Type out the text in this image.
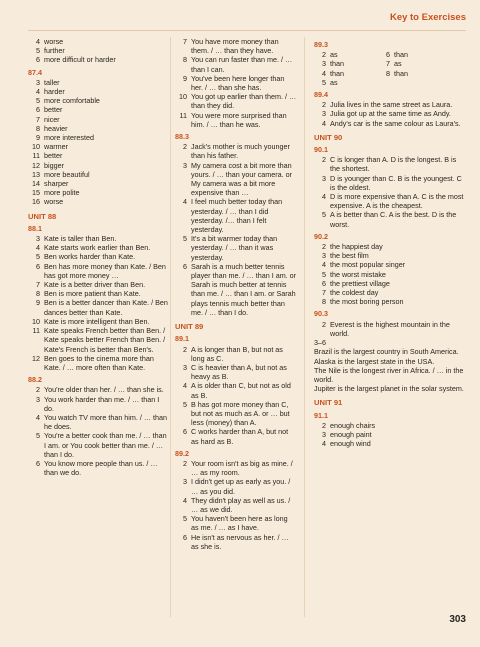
Key to Exercises
4 worse
5 further
6 more difficult or harder
87.4
3 taller
4 harder
5 more comfortable
6 better
7 nicer
8 heavier
9 more interested
10 warmer
11 better
12 bigger
13 more beautiful
14 sharper
15 more polite
16 worse
UNIT 88
88.1
3 Kate is taller than Ben.
4 Kate starts work earlier than Ben.
5 Ben works harder than Kate.
6 Ben has more money than Kate. / Ben has got more money …
7 Kate is a better driver than Ben.
8 Ben is more patient than Kate.
9 Ben is a better dancer than Kate. / Ben dances better than Kate.
10 Kate is more intelligent than Ben.
11 Kate speaks French better than Ben. / Kate speaks better French than Ben. / Kate's French is better than Ben's.
12 Ben goes to the cinema more than Kate. / … more often than Kate.
88.2
2 You're older than her. / … than she is.
3 You work harder than me. / … than I do.
4 You watch TV more than him. / … than he does.
5 You're a better cook than me. / … than I am. or You cook better than me. / … than I do.
6 You know more people than us. / … than we do.
7 You have more money than them. / … than they have.
8 You can run faster than me. / … than I can.
9 You've been here longer than her. / … than she has.
10 You got up earlier than them. / … than they did.
11 You were more surprised than him. / … than he was.
88.3
2 Jack's mother is much younger than his father.
3 My camera cost a bit more than yours. / … than your camera. or My camera was a bit more expensive than …
4 I feel much better today than yesterday. / … than I did yesterday. /… than I felt yesterday.
5 It's a bit warmer today than yesterday. / … than it was yesterday.
6 Sarah is a much better tennis player than me. / … than I am. or Sarah is much better at tennis than me. / … than I am. or Sarah plays tennis much better than me. / … than I do.
UNIT 89
89.1
2 A is longer than B, but not as long as C.
3 C is heavier than A, but not as heavy as B.
4 A is older than C, but not as old as B.
5 B has got more money than C, but not as much as A. or … but less (money) than A.
6 C works harder than A, but not as hard as B.
89.2
2 Your room isn't as big as mine. / … as my room.
3 I didn't get up as early as you. / … as you did.
4 They didn't play as well as us. / … as we did.
5 You haven't been here as long as me. / … as I have.
6 He isn't as nervous as her. / … as she is.
89.3
2 as	6 than
3 than	7 as
4 than	8 than
5 as
89.4
2 Julia lives in the same street as Laura.
3 Julia got up at the same time as Andy.
4 Andy's car is the same colour as Laura's.
UNIT 90
90.1
2 C is longer than A. D is the longest. B is the shortest.
3 D is younger than C. B is the youngest. C is the oldest.
4 D is more expensive than A. C is the most expensive. A is the cheapest.
5 A is better than C. A is the best. D is the worst.
90.2
2 the happiest day
3 the best film
4 the most popular singer
5 the worst mistake
6 the prettiest village
7 the coldest day
8 the most boring person
90.3
2 Everest is the highest mountain in the world.
3–6
Brazil is the largest country in South America.
Alaska is the largest state in the USA.
The Nile is the longest river in Africa. / … in the world.
Jupiter is the largest planet in the solar system.
UNIT 91
91.1
2 enough chairs
3 enough paint
4 enough wind
303
